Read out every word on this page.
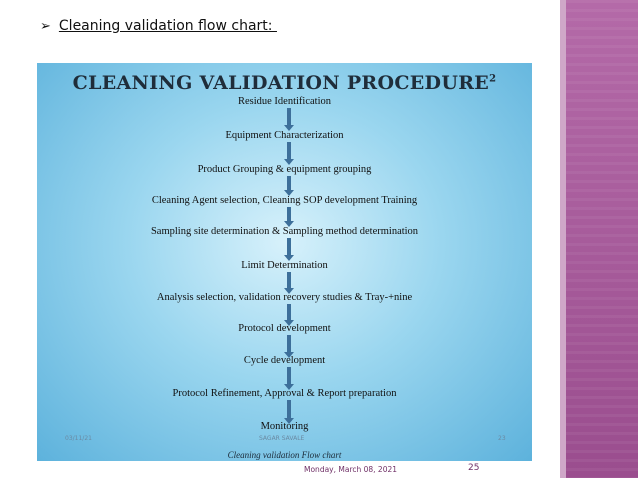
➢ Cleaning validation flow chart:
CLEANING VALIDATION PROCEDURE$^2$
Residue Identification
Equipment Characterization
Product Grouping & equipment grouping
Cleaning Agent selection, Cleaning SOP development Training
Sampling site determination & Sampling method determination
Limit Determination
Analysis selection, validation recovery studies & Tray-+nine
Protocol development
Cycle development
Protocol Refinement, Approval & Report preparation
Monitoring
03/11/21	SAGAR SAVALE	23
Cleaning validation Flow chart
Monday, March 08, 2021	25
